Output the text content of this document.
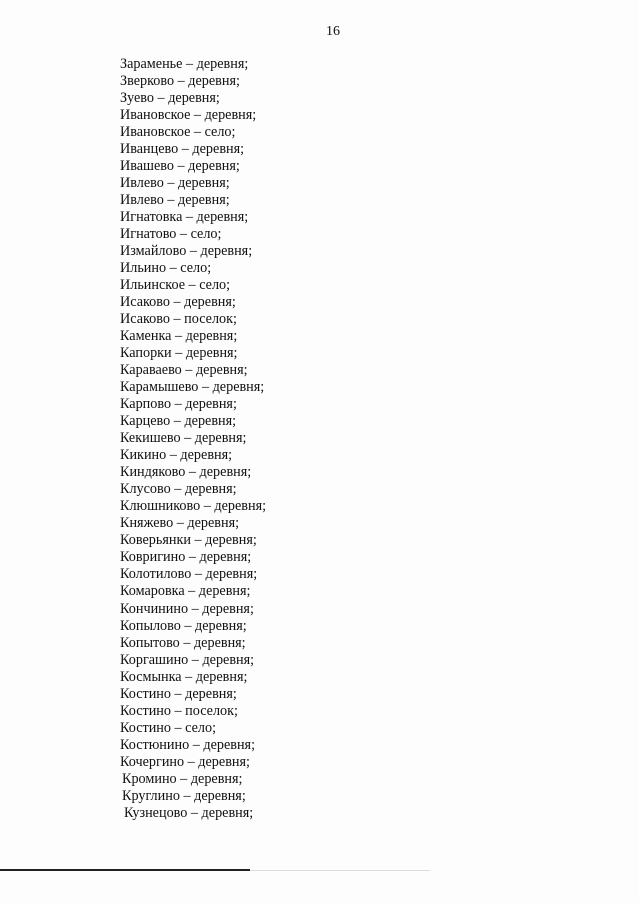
16
Зараменье – деревня;
Зверково – деревня;
Зуево – деревня;
Ивановское – деревня;
Ивановское – село;
Иванцево – деревня;
Ивашево – деревня;
Ивлево – деревня;
Ивлево – деревня;
Игнатовка – деревня;
Игнатово – село;
Измайлово – деревня;
Ильино – село;
Ильинское – село;
Исаково – деревня;
Исаково – поселок;
Каменка – деревня;
Капорки – деревня;
Караваево – деревня;
Карамышево – деревня;
Карпово – деревня;
Карцево – деревня;
Кекишево – деревня;
Кикино – деревня;
Киндяково – деревня;
Клусово – деревня;
Клюшниково – деревня;
Княжево – деревня;
Коверьянки – деревня;
Ковригино – деревня;
Колотилово – деревня;
Комаровка – деревня;
Кончинино – деревня;
Копылово – деревня;
Копытово – деревня;
Коргашино – деревня;
Космынка – деревня;
Костино – деревня;
Костино – поселок;
Костино – село;
Костюнино – деревня;
Кочергино – деревня;
Кромино – деревня;
Круглино – деревня;
Кузнецово – деревня;
